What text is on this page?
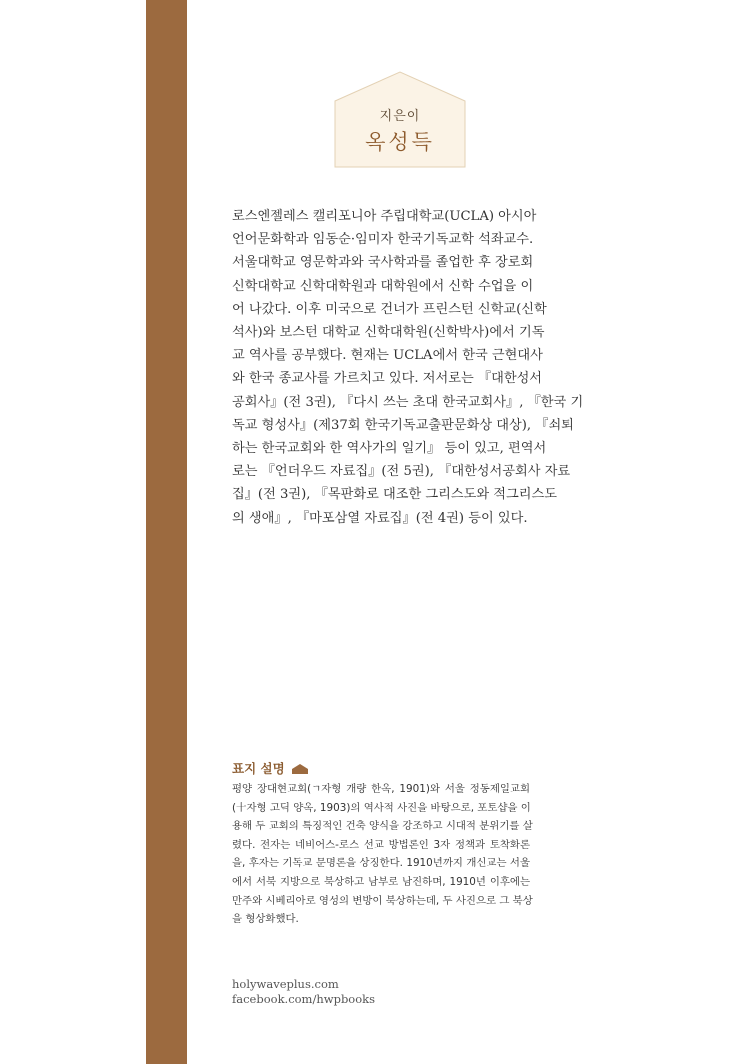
지은이
옥성득
로스엔젤레스 캘리포니아 주립대학교(UCLA) 아시아
언어문화학과 임동순·임미자 한국기독교학 석좌교수.
서울대학교 영문학과와 국사학과를 졸업한 후 장로회
신학대학교 신학대학원과 대학원에서 신학 수업을 이
어 나갔다. 이후 미국으로 건너가 프린스턴 신학교(신학
석사)와 보스턴 대학교 신학대학원(신학박사)에서 기독
교 역사를 공부했다. 현재는 UCLA에서 한국 근현대사
와 한국 종교사를 가르치고 있다. 저서로는 『대한성서
공회사』(전 3권), 『다시 쓰는 초대 한국교회사』, 『한국 기
독교 형성사』(제37회 한국기독교출판문화상 대상), 『쇠퇴
하는 한국교회와 한 역사가의 일기』 등이 있고, 편역서
로는 『언더우드 자료집』(전 5권), 『대한성서공회사 자료
집』(전 3권), 『목판화로 대조한 그리스도와 적그리스도
의 생애』, 『마포삼열 자료집』(전 4권) 등이 있다.
표지 설명
평양 장대현교회(ㄱ자형 개량 한옥, 1901)와 서울 정동제일교회
(十자형 고딕 양옥, 1903)의 역사적 사진을 바탕으로, 포토샵을 이
용해 두 교회의 특징적인 건축 양식을 강조하고 시대적 분위기를 살
렸다. 전자는 네비어스-로스 선교 방법론인 3자 정책과 토착화론
을, 후자는 기독교 문명론을 상징한다. 1910년까지 개신교는 서울
에서 서북 지방으로 북상하고 남부로 남진하며, 1910년 이후에는
만주와 시베리아로 영성의 변방이 북상하는데, 두 사진으로 그 북상
을 형상화했다.
holywaveplus.com
facebook.com/hwpbooks
